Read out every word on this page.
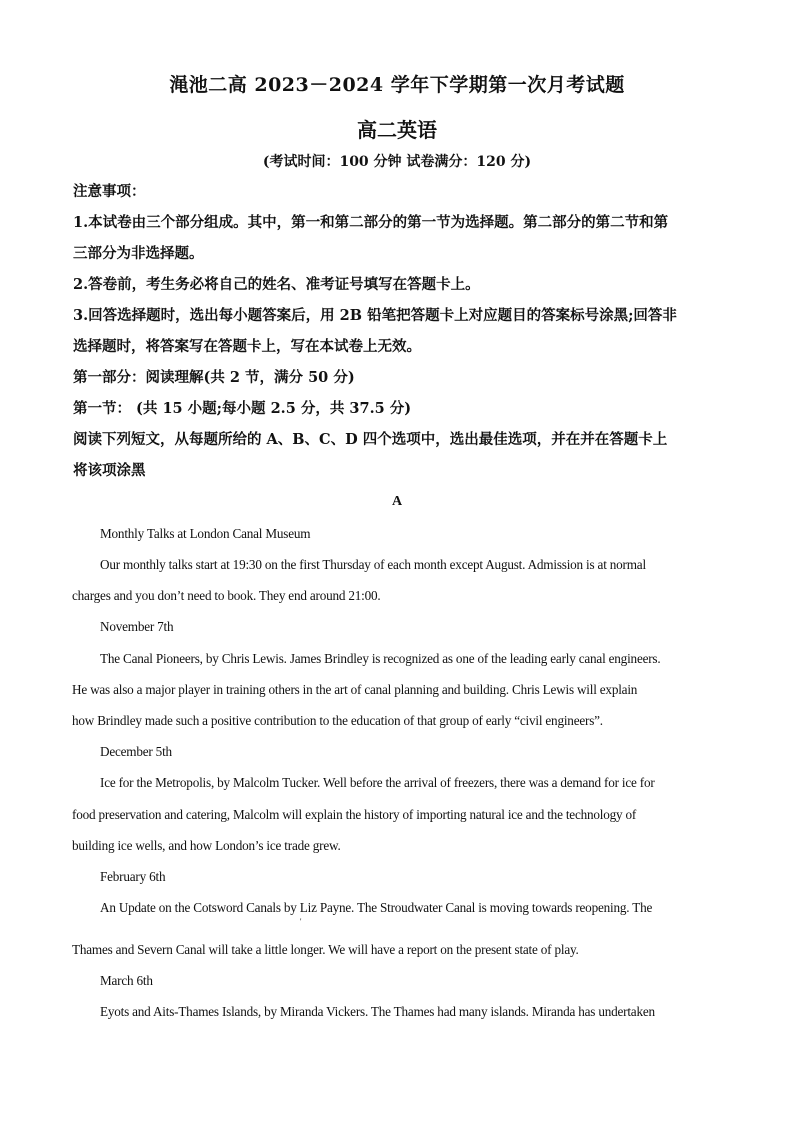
渑池二高 2023－2024 学年下学期第一次月考试题
高二英语
(考试时间：100 分钟 试卷满分：120 分)
注意事项：
1.本试卷由三个部分组成。其中，第一和第二部分的第一节为选择题。第二部分的第二节和第
三部分为非选择题。
2.答卷前，考生务必将自己的姓名、准考证号填写在答题卡上。
3.回答选择题时，选出每小题答案后，用 2B 铅笔把答题卡上对应题目的答案标号涂黑;回答非
选择题时，将答案写在答题卡上，写在本试卷上无效。
第一部分：阅读理解(共 2 节，满分 50 分)
第一节： (共 15 小题;每小题 2.5 分，共 37.5 分)
阅读下列短文，从每题所给的 A、B、C、D 四个选项中，选出最佳选项，并在并在答题卡上
将该项涂黑
A
Monthly Talks at London Canal Museum
Our monthly talks start at 19:30 on the first Thursday of each month except August. Admission is at normal
charges and you don’t need to book. They end around 21:00.
November 7th
The Canal Pioneers, by Chris Lewis. James Brindley is recognized as one of the leading early canal engineers.
He was also a major player in training others in the art of canal planning and building. Chris Lewis will explain
how Brindley made such a positive contribution to the education of that group of early “civil engineers”.
December 5th
Ice for the Metropolis, by Malcolm Tucker. Well before the arrival of freezers, there was a demand for ice for
food preservation and catering, Malcolm will explain the history of importing natural ice and the technology of
building ice wells, and how London’s ice trade grew.
February 6th
An Update on the Cotsword Canals by Liz Payne. The Stroudwater Canal is moving towards reopening. The
'
Thames and Severn Canal will take a little longer. We will have a report on the present state of play.
March 6th
Eyots and Aits-Thames Islands, by Miranda Vickers. The Thames had many islands. Miranda has undertaken
